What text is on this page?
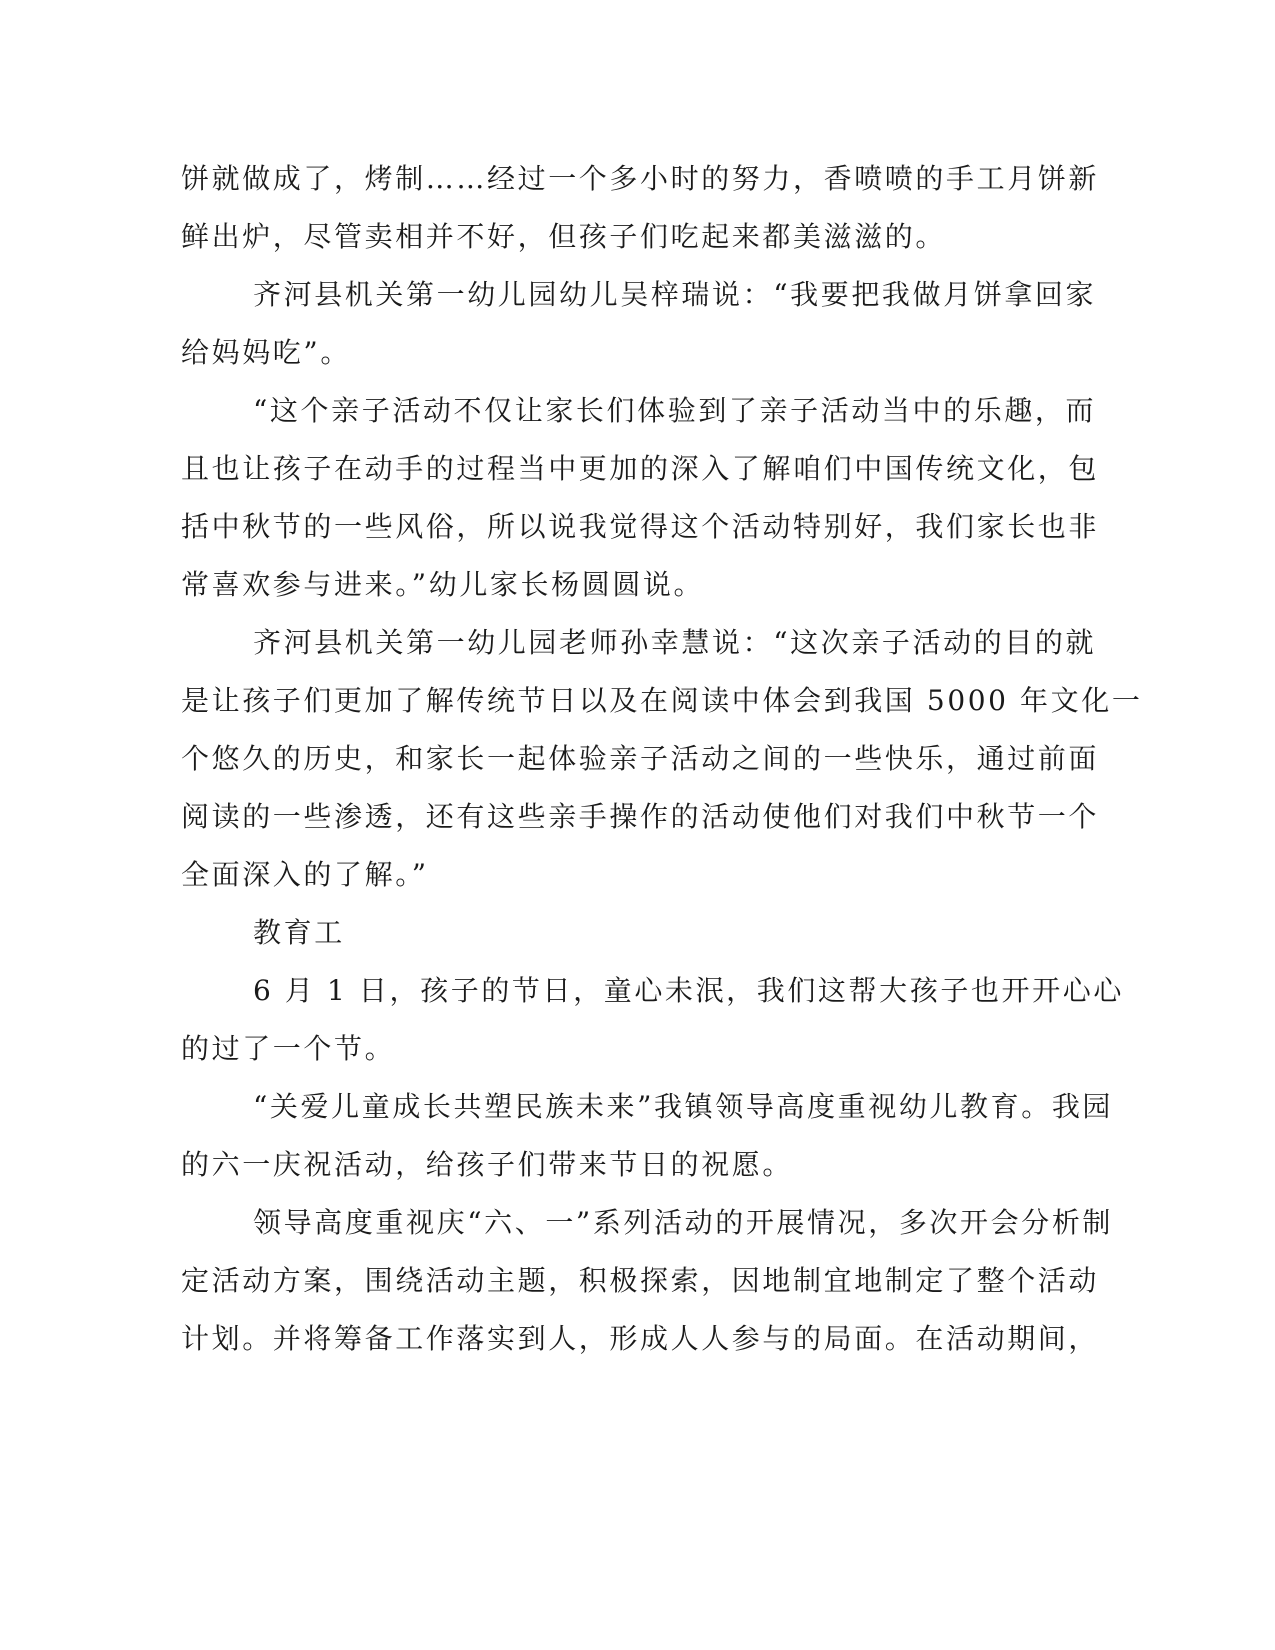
饼就做成了，烤制……经过一个多小时的努力，香喷喷的手工月饼新
鲜出炉，尽管卖相并不好，但孩子们吃起来都美滋滋的。
齐河县机关第一幼儿园幼儿吴梓瑞说：“我要把我做月饼拿回家
给妈妈吃”。
“这个亲子活动不仅让家长们体验到了亲子活动当中的乐趣，而
且也让孩子在动手的过程当中更加的深入了解咱们中国传统文化，包
括中秋节的一些风俗，所以说我觉得这个活动特别好，我们家长也非
常喜欢参与进来。”幼儿家长杨圆圆说。
齐河县机关第一幼儿园老师孙幸慧说：“这次亲子活动的目的就
是让孩子们更加了解传统节日以及在阅读中体会到我国 5000 年文化一
个悠久的历史，和家长一起体验亲子活动之间的一些快乐，通过前面
阅读的一些渗透，还有这些亲手操作的活动使他们对我们中秋节一个
全面深入的了解。”
教育工
6 月 1 日，孩子的节日，童心未泯，我们这帮大孩子也开开心心
的过了一个节。
“关爱儿童成长共塑民族未来”我镇领导高度重视幼儿教育。我园
的六一庆祝活动，给孩子们带来节日的祝愿。
领导高度重视庆“六、一”系列活动的开展情况，多次开会分析制
定活动方案，围绕活动主题，积极探索，因地制宜地制定了整个活动
计划。并将筹备工作落实到人，形成人人参与的局面。在活动期间，
